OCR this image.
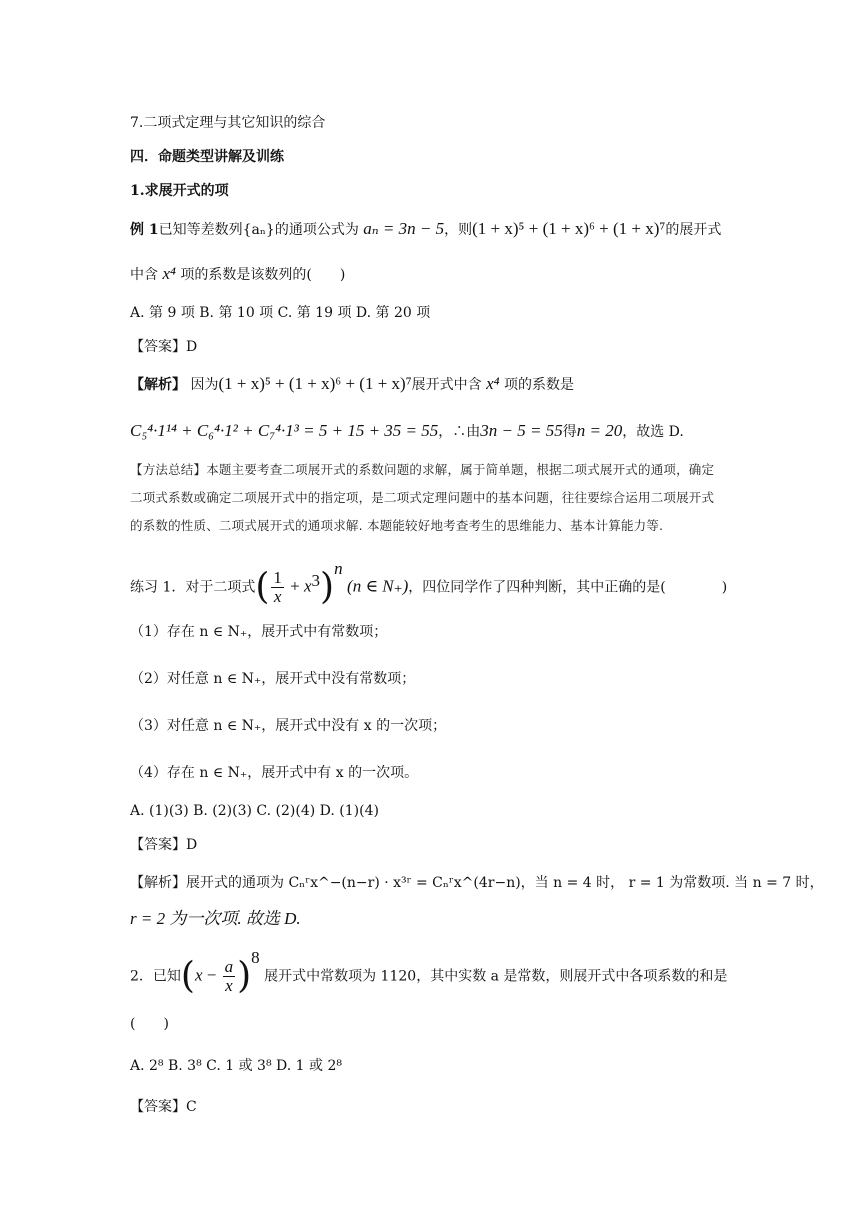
7.二项式定理与其它知识的综合
四．命题类型讲解及训练
1.求展开式的项
例 1已知等差数列{aₙ}的通项公式为 aₙ = 3n − 5，则(1 + x)⁵ + (1 + x)⁶ + (1 + x)⁷的展开式
中含 x⁴ 项的系数是该数列的(　　)
A. 第 9 项 B. 第 10 项 C. 第 19 项 D. 第 20 项
【答案】D
【解析】 因为(1 + x)⁵ + (1 + x)⁶ + (1 + x)⁷展开式中含 x⁴ 项的系数是
C₅⁴·1¹⁴ + C₆⁴·1² + C₇⁴·1³ = 5 + 15 + 35 = 55，∴由3n − 5 = 55得n = 20，故选 D.
【方法总结】本题主要考查二项展开式的系数问题的求解，属于简单题，根据二项式展开式的通项，确定
二项式系数或确定二项展开式中的指定项，是二项式定理问题中的基本问题，往往要综合运用二项展开式
的系数的性质、二项式展开式的通项求解. 本题能较好地考查考生的思维能力、基本计算能力等.
练习 1．对于二项式( $\frac{1}{x} + x^3)^n$ (n ∈ N₊)，四位同学作了四种判断，其中正确的是(　　　　)
（1）存在 n ∈ N₊，展开式中有常数项；
（2）对任意 n ∈ N₊，展开式中没有常数项；
（3）对任意 n ∈ N₊，展开式中没有 x 的一次项；
（4）存在 n ∈ N₊，展开式中有 x 的一次项。
A. (1)(3) B. (2)(3) C. (2)(4) D. (1)(4)
【答案】D
【解析】展开式的通项为 Cₙʳx^−(n−r) · x³ʳ = Cₙʳx^(4r−n)，当 n = 4 时， r = 1 为常数项. 当 n = 7 时，
r = 2 为一次项. 故选 D.
2．已知$(x - \frac{a}{x} )^8$ 展开式中常数项为 1120，其中实数 a 是常数，则展开式中各项系数的和是
(　　)
A. 2⁸ B. 3⁸ C. 1 或 3⁸ D. 1 或 2⁸
【答案】C
